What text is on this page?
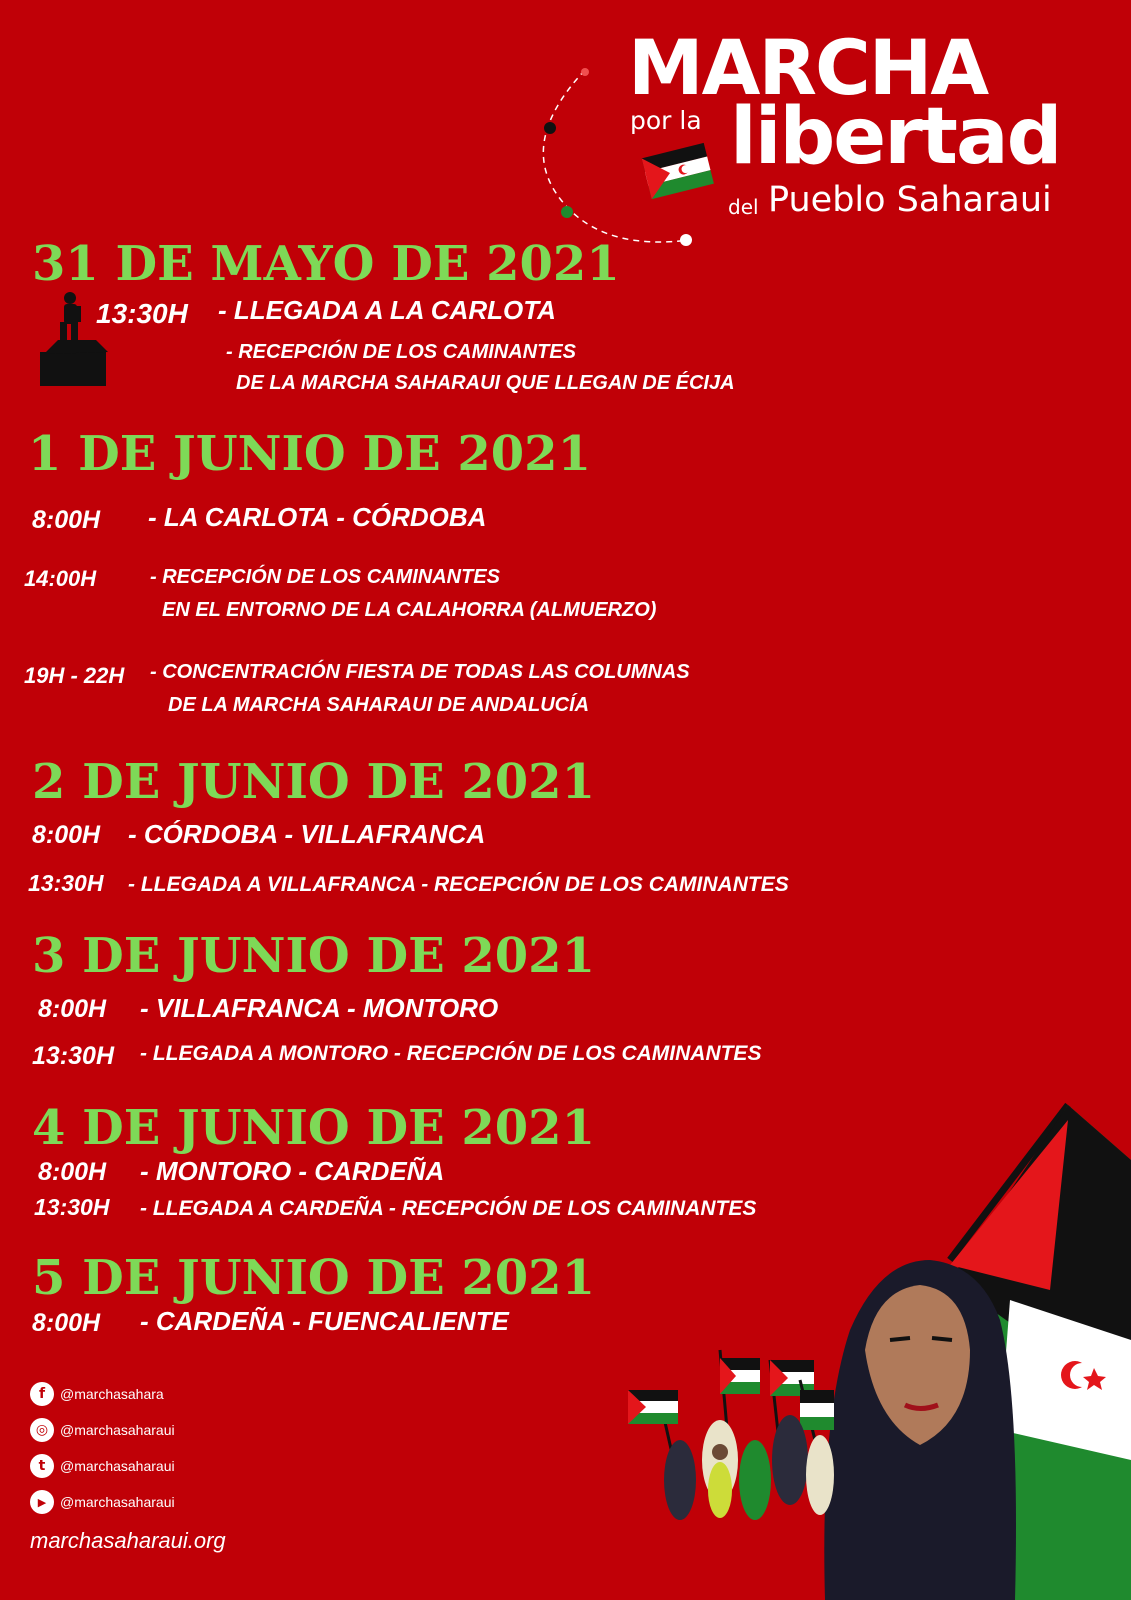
MARCHA
por la libertad
del Pueblo Saharaui
31 DE MAYO DE 2021
13:30H - LLEGADA A LA CARLOTA
- RECEPCIÓN DE LOS CAMINANTES
DE LA MARCHA SAHARAUI QUE LLEGAN DE ÉCIJA
1 DE JUNIO DE 2021
8:00H - LA CARLOTA - CÓRDOBA
14:00H	- RECEPCIÓN DE LOS CAMINANTES
EN EL ENTORNO DE LA CALAHORRA (ALMUERZO)
19H - 22H - CONCENTRACIÓN FIESTA DE TODAS LAS COLUMNAS
DE LA MARCHA SAHARAUI DE ANDALUCÍA
2 DE JUNIO DE 2021
8:00H - CÓRDOBA - VILLAFRANCA
13:30H - LLEGADA A VILLAFRANCA - RECEPCIÓN DE LOS CAMINANTES
3 DE JUNIO DE 2021
8:00H - VILLAFRANCA - MONTORO
13:30H - LLEGADA A MONTORO - RECEPCIÓN DE LOS CAMINANTES
4 DE JUNIO DE 2021
8:00H - MONTORO - CARDEÑA
13:30H - LLEGADA A CARDEÑA - RECEPCIÓN DE LOS CAMINANTES
5 DE JUNIO DE 2021
8:00H - CARDEÑA - FUENCALIENTE
f	@marchasahara
◎ @marchasaharaui
t	@marchasaharaui
▶ @marchasaharaui
marchasaharaui.org
